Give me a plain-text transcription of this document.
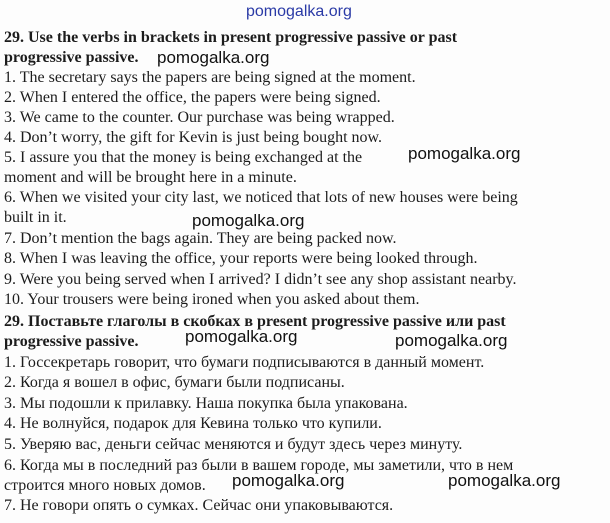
pomogalka.org
29. Use the verbs in brackets in present progressive passive or past
progressive passive. pomogalka.org
1. The secretary says the papers are being signed at the moment.
2. When I entered the office, the papers were being signed.
3. We came to the counter. Our purchase was being wrapped.
4. Don’t worry, the gift for Kevin is just being bought now.
5. I assure you that the money is being exchanged at the	pomogalka.org
moment and will be brought here in a minute.
6. When we visited your city last, we noticed that lots of new houses were being
built in it.	pomogalka.org
7. Don’t mention the bags again. They are being packed now.
8. When I was leaving the office, your reports were being looked through.
9. Were you being served when I arrived? I didn’t see any shop assistant nearby.
10. Your trousers were being ironed when you asked about them.
29. Поставьте глаголы в скобках в present progressive passive или past
progressive passive.	pomogalka.org	pomogalka.org
1. Госсекретарь говорит, что бумаги подписываются в данный момент.
2. Когда я вошел в офис, бумаги были подписаны.
3. Мы подошли к прилавку. Наша покупка была упакована.
4. Не волнуйся, подарок для Кевина только что купили.
5. Уверяю вас, деньги сейчас меняются и будут здесь через минуту.
6. Когда мы в последний раз были в вашем городе, мы заметили, что в нем
строится много новых домов. pomogalka.org	pomogalka.org
7. Не говори опять о сумках. Сейчас они упаковываются.
